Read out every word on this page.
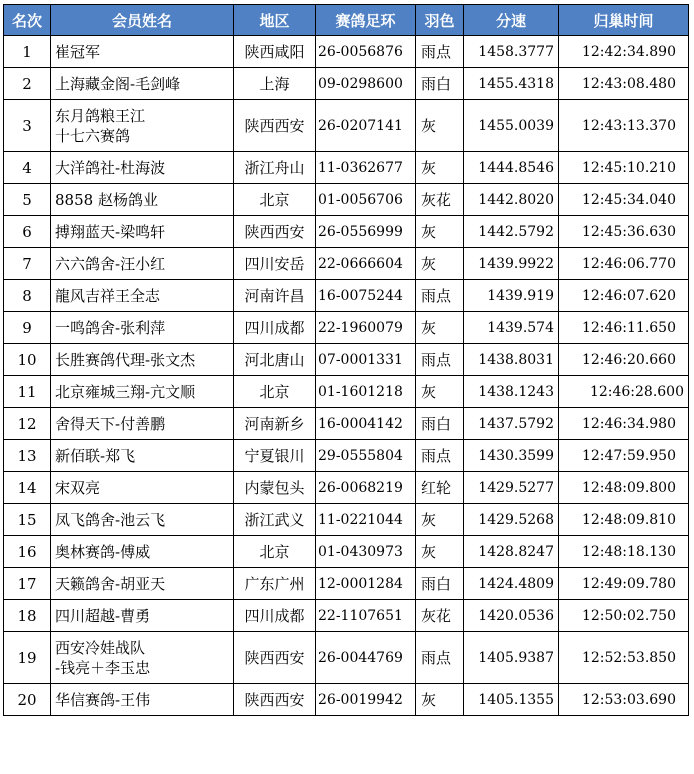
名次	会员姓名	地区	赛鸽足环	羽色	分速	归巢时间
1	崔冠军	陕西咸阳	26-0056876	雨点	1458.3777	12:42:34.890
2	上海藏金阁-毛剑峰	上海	09-0298600	雨白	1455.4318	12:43:08.480
3	东月鸽粮王江
十七六赛鸽	陕西西安	26-0207141	灰	1455.0039	12:43:13.370
4	大洋鸽社-杜海波	浙江舟山	11-0362677	灰	1444.8546	12:45:10.210
5	8858 赵杨鸽业	北京	01-0056706	灰花	1442.8020	12:45:34.040
6	搏翔蓝天-梁鸣轩	陕西西安	26-0556999	灰	1442.5792	12:45:36.630
7	六六鸽舍-汪小红	四川安岳	22-0666604	灰	1439.9922	12:46:06.770
8	龍风吉祥王全志	河南许昌	16-0075244	雨点	1439.919	12:46:07.620
9	一鸣鸽舍-张利萍	四川成都	22-1960079	灰	1439.574	12:46:11.650
10	长胜赛鸽代理-张文杰	河北唐山	07-0001331	雨点	1438.8031	12:46:20.660
11	北京雍城三翔-亢文顺	北京	01-1601218	灰	1438.1243	12:46:28.600
12	舍得天下-付善鹏	河南新乡	16-0004142	雨白	1437.5792	12:46:34.980
13	新佰联-郑飞	宁夏银川	29-0555804	雨点	1430.3599	12:47:59.950
14	宋双亮	内蒙包头	26-0068219	红轮	1429.5277	12:48:09.800
15	凤飞鸽舍-池云飞	浙江武义	11-0221044	灰	1429.5268	12:48:09.810
16	奥林赛鸽-傅威	北京	01-0430973	灰	1428.8247	12:48:18.130
17	天籁鸽舍-胡亚天	广东广州	12-0001284	雨白	1424.4809	12:49:09.780
18	四川超越-曹勇	四川成都	22-1107651	灰花	1420.0536	12:50:02.750
19	西安冷娃战队
-钱亮＋李玉忠	陕西西安	26-0044769	雨点	1405.9387	12:52:53.850
20	华信赛鸽-王伟	陕西西安	26-0019942	灰	1405.1355	12:53:03.690
